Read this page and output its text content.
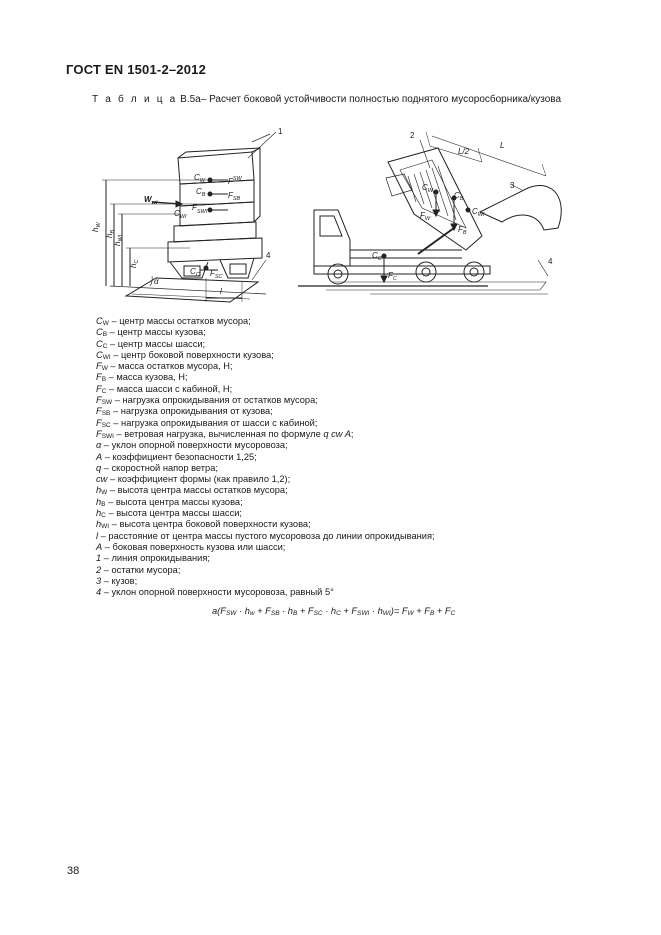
ГОСТ EN 1501-2–2012
Т а б л и ц а В.5а– Расчет боковой устойчивости полностью поднятого мусоросборника/кузова
$C_W$
$C_B$
$C_{WI}$
$F^{SW}$
$F_{SB}$
$F_{SWI}$
$C_C$ $F_{SC}$
$W_{wi}$
$h_W$
$h_B$
$h_{WI}$
$h_C$
α
l
1
4
2
3
4
L/2
L
$C_W$	$C_B$
$C_{WI}$
$F_W$
$F_B$
$C_C$
$F_C$
$C_W$ – центр массы остатков мусора;
$C_B$ – центр массы кузова;
$C_C$ – центр массы шасси;
$C_{WI}$ – центр боковой поверхности кузова;
$F_W$ – масса остатков мусора, Н;
$F_B$ – масса кузова, Н;
$F_C$ – масса шасси с кабиной, Н;
$F_{SW}$ – нагрузка опрокидывания от остатков мусора;
$F_{SB}$ – нагрузка опрокидывания от кузова;
$F_{SC}$ – нагрузка опрокидывания от шасси с кабиной;
$F_{SWI}$ – ветровая нагрузка, вычисленная по формуле q cw A;
α – уклон опорной поверхности мусоровоза;
A – коэффициент безопасности 1,25;
q – скоростной напор ветра;
cw – коэффициент формы (как правило 1,2);
$h_W$ – высота центра массы остатков мусора;
$h_B$ – высота центра массы кузова;
$h_C$ – высота центра массы шасси;
$h_{WI}$ – высота центра боковой поверхности кузова;
l – расстояние от центра массы пустого мусоровоза до линии опрокидывания;
A – боковая поверхность кузова или шасси;
1 – линия опрокидывания;
2 – остатки мусора;
3 – кузов;
4 – уклон опорной поверхности мусоровоза, равный 5°
$a(F_{SW} \cdot h_w + F_{SB} \cdot h_B + F_{SC} \cdot h_C + F_{SWI} \cdot h_{WI})= F_W + F_B + F_C$
38
